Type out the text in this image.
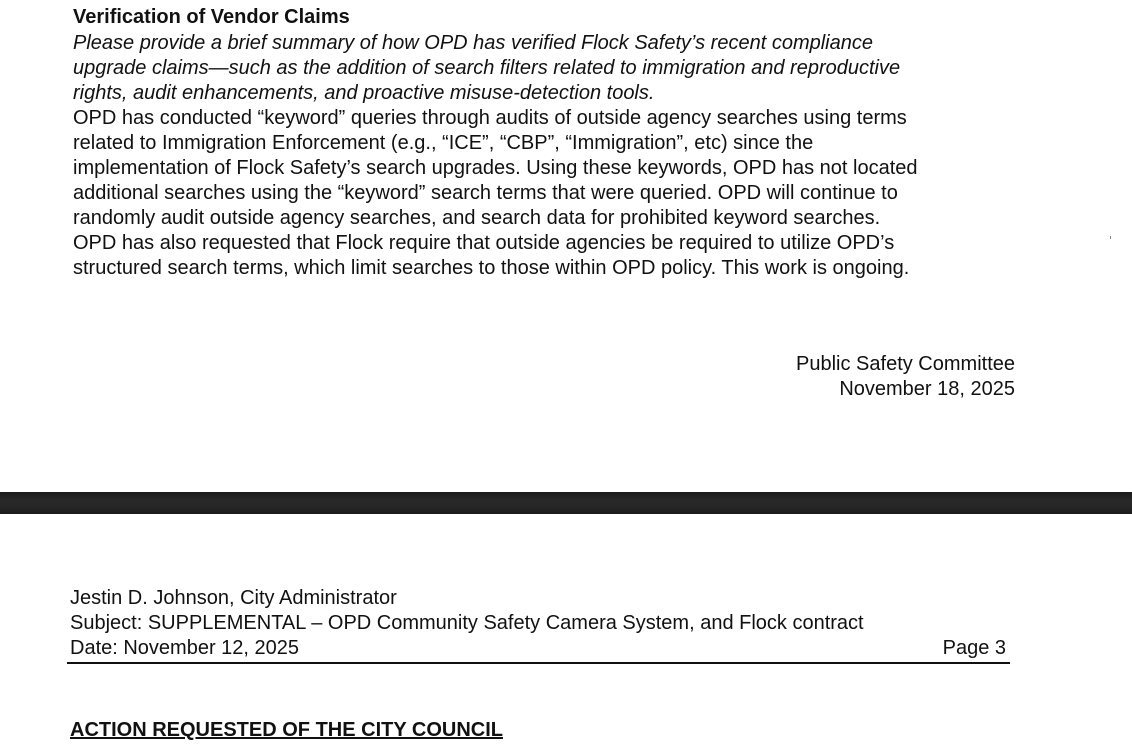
Verification of Vendor Claims
Please provide a brief summary of how OPD has verified Flock Safety’s recent compliance
upgrade claims—such as the addition of search filters related to immigration and reproductive
rights, audit enhancements, and proactive misuse-detection tools.
OPD has conducted “keyword” queries through audits of outside agency searches using terms
related to Immigration Enforcement (e.g., “ICE”, “CBP”, “Immigration”, etc) since the
implementation of Flock Safety’s search upgrades. Using these keywords, OPD has not located
additional searches using the “keyword” search terms that were queried. OPD will continue to
randomly audit outside agency searches, and search data for prohibited keyword searches.
OPD has also requested that Flock require that outside agencies be required to utilize OPD’s
structured search terms, which limit searches to those within OPD policy. This work is ongoing.
Public Safety Committee
November 18, 2025
Jestin D. Johnson, City Administrator
Subject: SUPPLEMENTAL – OPD Community Safety Camera System, and Flock contract
Date: November 12, 2025	Page 3
ACTION REQUESTED OF THE CITY COUNCIL
